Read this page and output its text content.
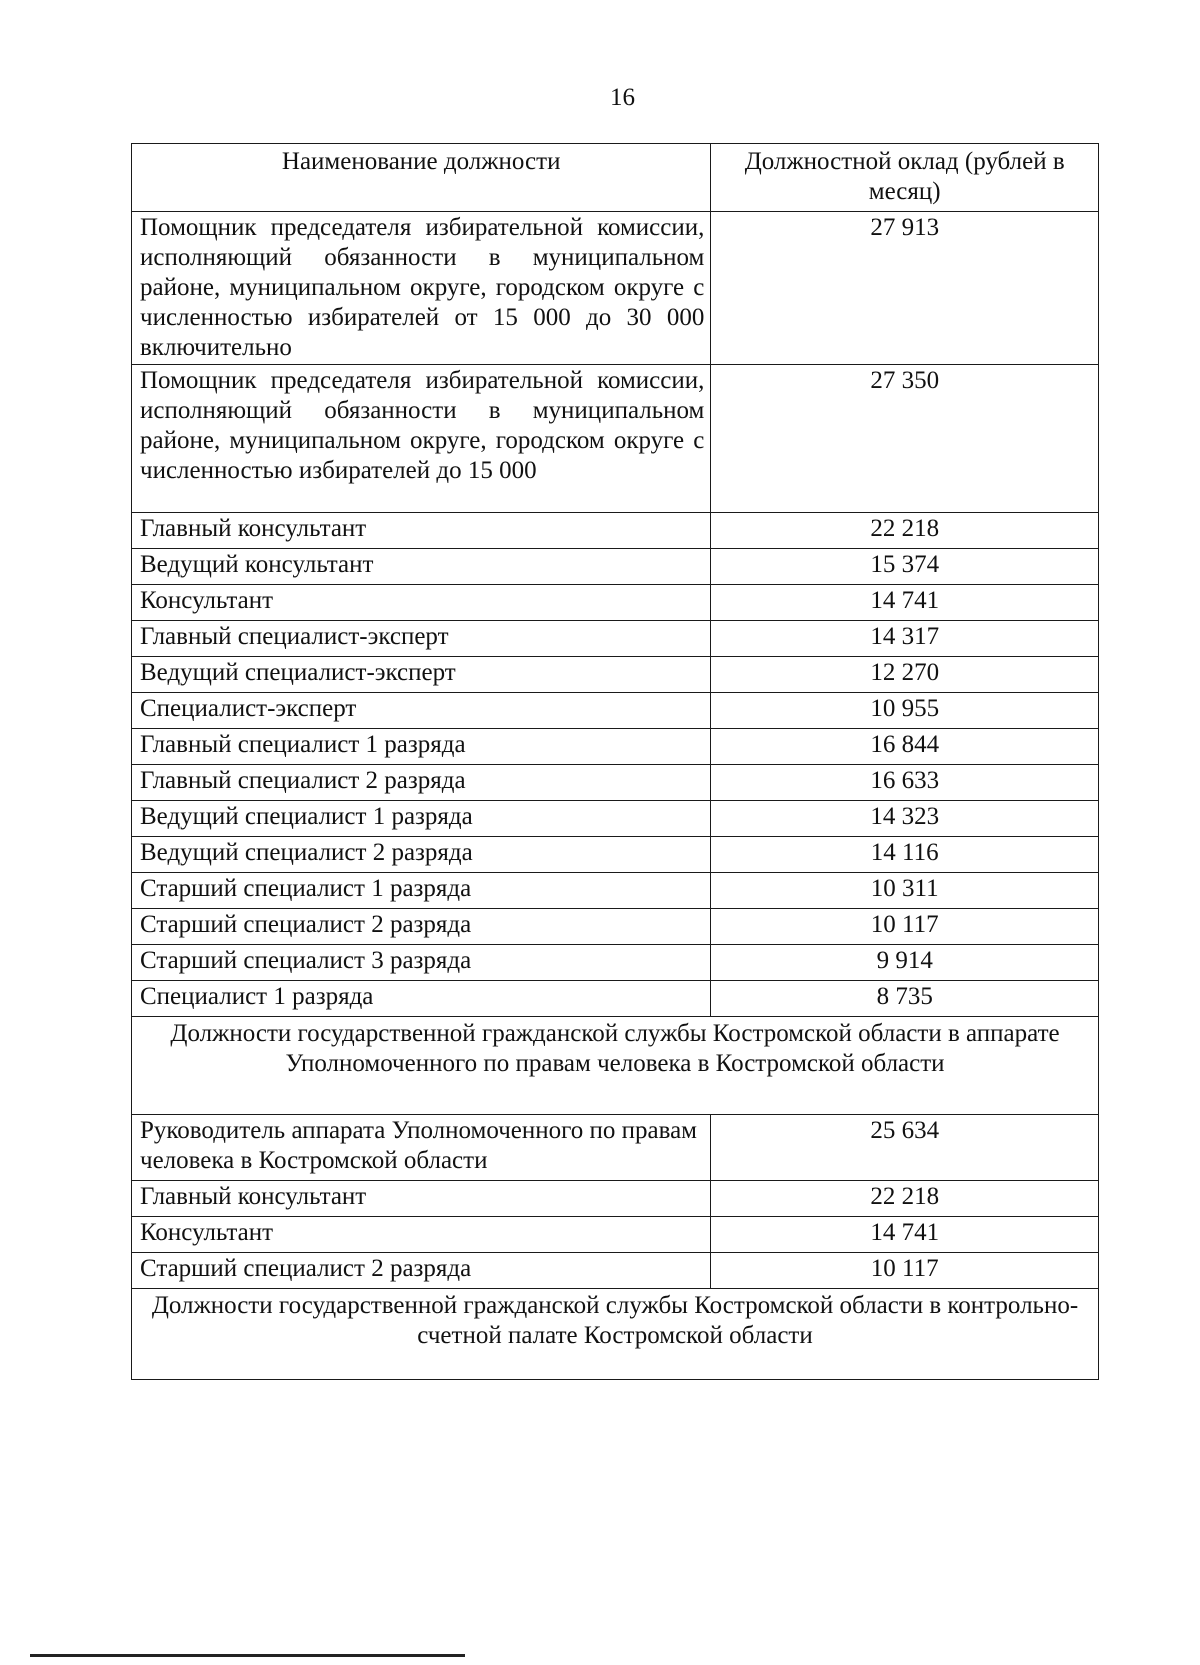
16
Наименование должности	Должностной оклад (рублей в месяц)
Помощник председателя избирательной комиссии, исполняющий обязанности в муниципальном районе, муниципальном округе, городском округе с численностью избирателей от 15 000 до 30 000 включительно	27 913
Помощник председателя избирательной комиссии, исполняющий обязанности в муниципальном районе, муниципальном округе, городском округе с численностью избирателей до 15 000	27 350
Главный консультант	22 218
Ведущий консультант	15 374
Консультант	14 741
Главный специалист-эксперт	14 317
Ведущий специалист-эксперт	12 270
Специалист-эксперт	10 955
Главный специалист 1 разряда	16 844
Главный специалист 2 разряда	16 633
Ведущий специалист 1 разряда	14 323
Ведущий специалист 2 разряда	14 116
Старший специалист 1 разряда	10 311
Старший специалист 2 разряда	10 117
Старший специалист 3 разряда	9 914
Специалист 1 разряда	8 735
Должности государственной гражданской службы Костромской области в аппарате Уполномоченного по правам человека в Костромской области	
Руководитель аппарата Уполномоченного по правам человека в Костромской области	25 634
Главный консультант	22 218
Консультант	14 741
Старший специалист 2 разряда	10 117
Должности государственной гражданской службы Костромской области в контрольно-счетной палате Костромской области	
